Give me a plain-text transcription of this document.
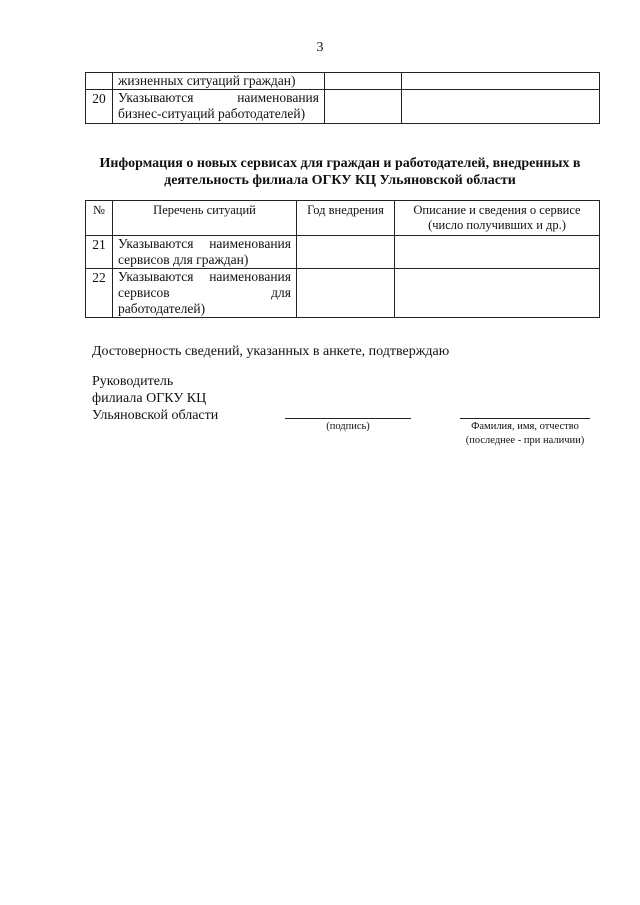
3

	жизненных ситуаций граждан)		

20	Указываются наименования
бизнес-ситуаций работодателей)		

Информация о новых сервисах для граждан и работодателей, внедренных в
деятельность филиала ОГКУ КЦ Ульяновской области
№	Перечень ситуаций	Год внедрения	Описание и сведения о сервисе
(число получивших и др.)

21	Указываются наименования
сервисов для граждан)		

22	Указываются наименования
сервисов для
работодателей)		

Достоверность сведений, указанных в анкете, подтверждаю
Руководитель
филиала ОГКУ КЦ
Ульяновской области
(подпись)	Фамилия, имя, отчество
(последнее - при наличии)
